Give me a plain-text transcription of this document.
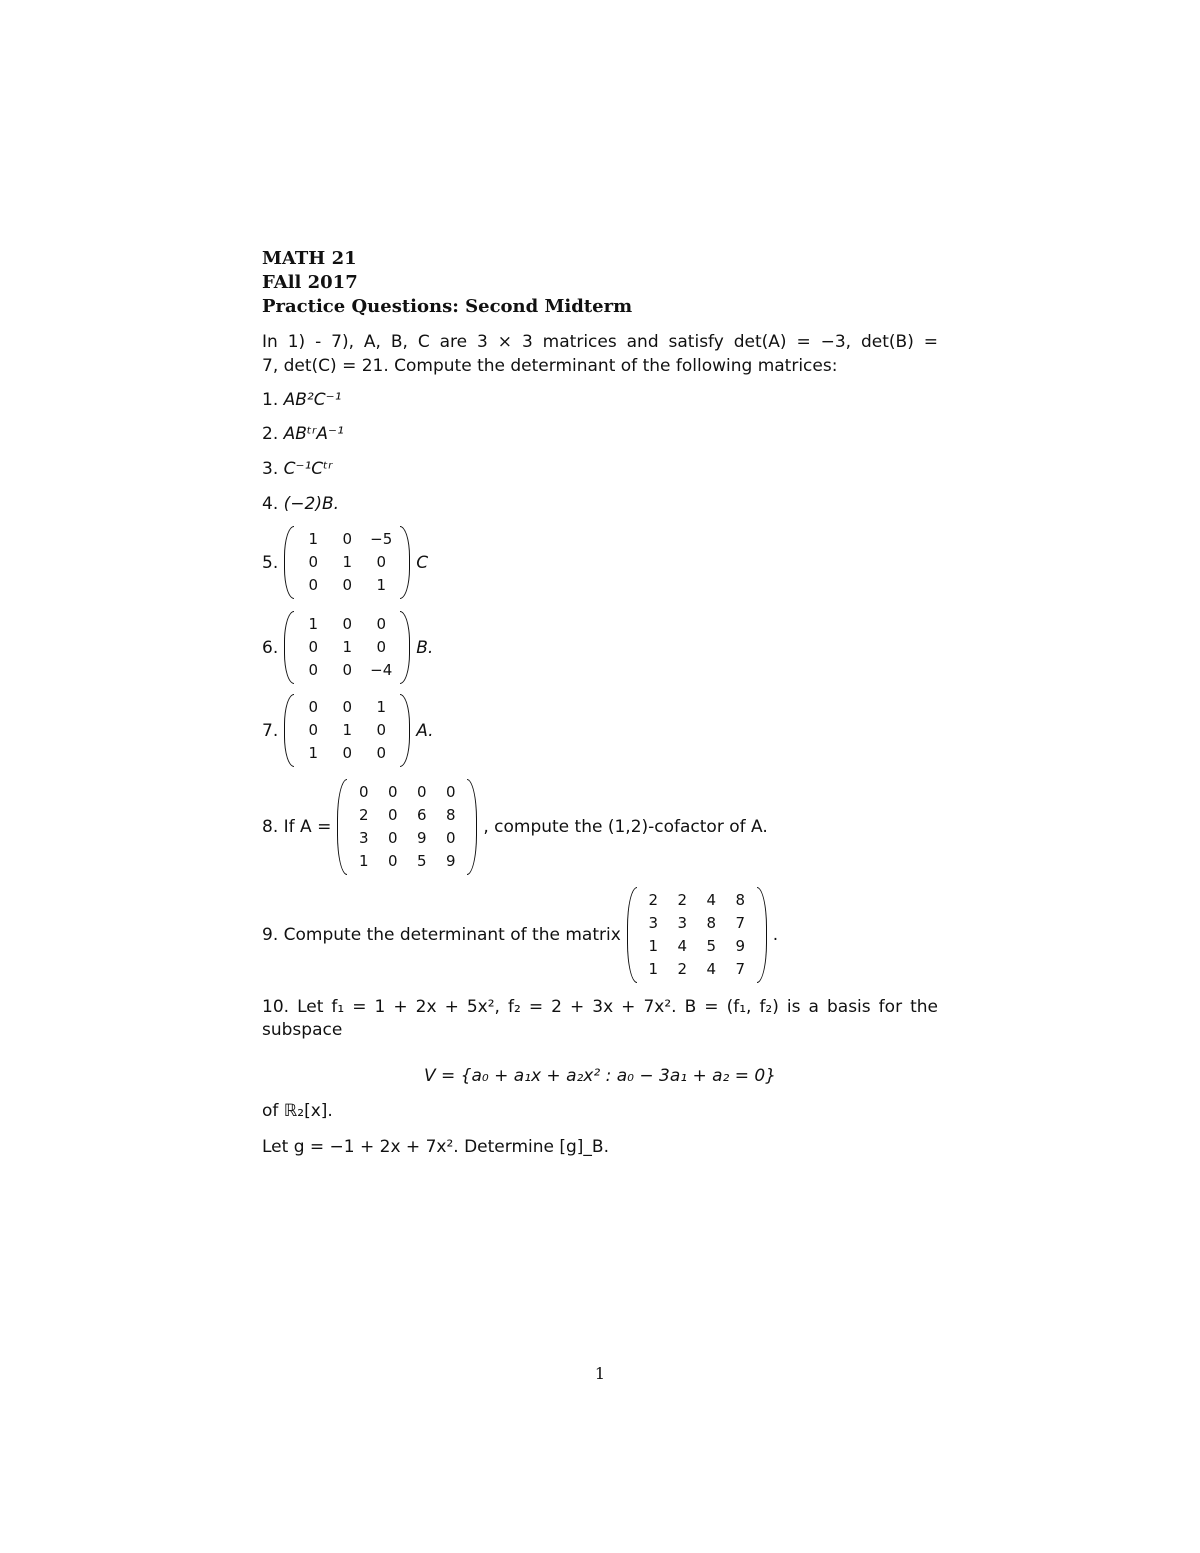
MATH 21
FAll 2017
Practice Questions: Second Midterm
In 1) - 7), A, B, C are 3 × 3 matrices and satisfy det(A) = −3, det(B) =
7, det(C) = 21. Compute the determinant of the following matrices:
1. AB²C⁻¹
2. ABᵗʳA⁻¹
3. C⁻¹Cᵗʳ
4. (−2)B.
5.
1	0	−5
0	1	0
0	0	1
C
6.
1	0	0
0	1	0
0	0	−4
B.
7.
0	0	1
0	1	0
1	0	0
A.
8.
If A =
0	0	0	0
2	0	6	8
3	0	9	0
1	0	5	9
, compute the (1,2)-cofactor of A.
9.
Compute the determinant of the matrix
2	2	4	8
3	3	8	7
1	4	5	9
1	2	4	7
.
10. Let f₁ = 1 + 2x + 5x², f₂ = 2 + 3x + 7x². B = (f₁, f₂) is a basis for the
subspace
V = {a₀ + a₁x + a₂x² : a₀ − 3a₁ + a₂ = 0}
of ℝ₂[x].
Let g = −1 + 2x + 7x². Determine [g]_B.
1
